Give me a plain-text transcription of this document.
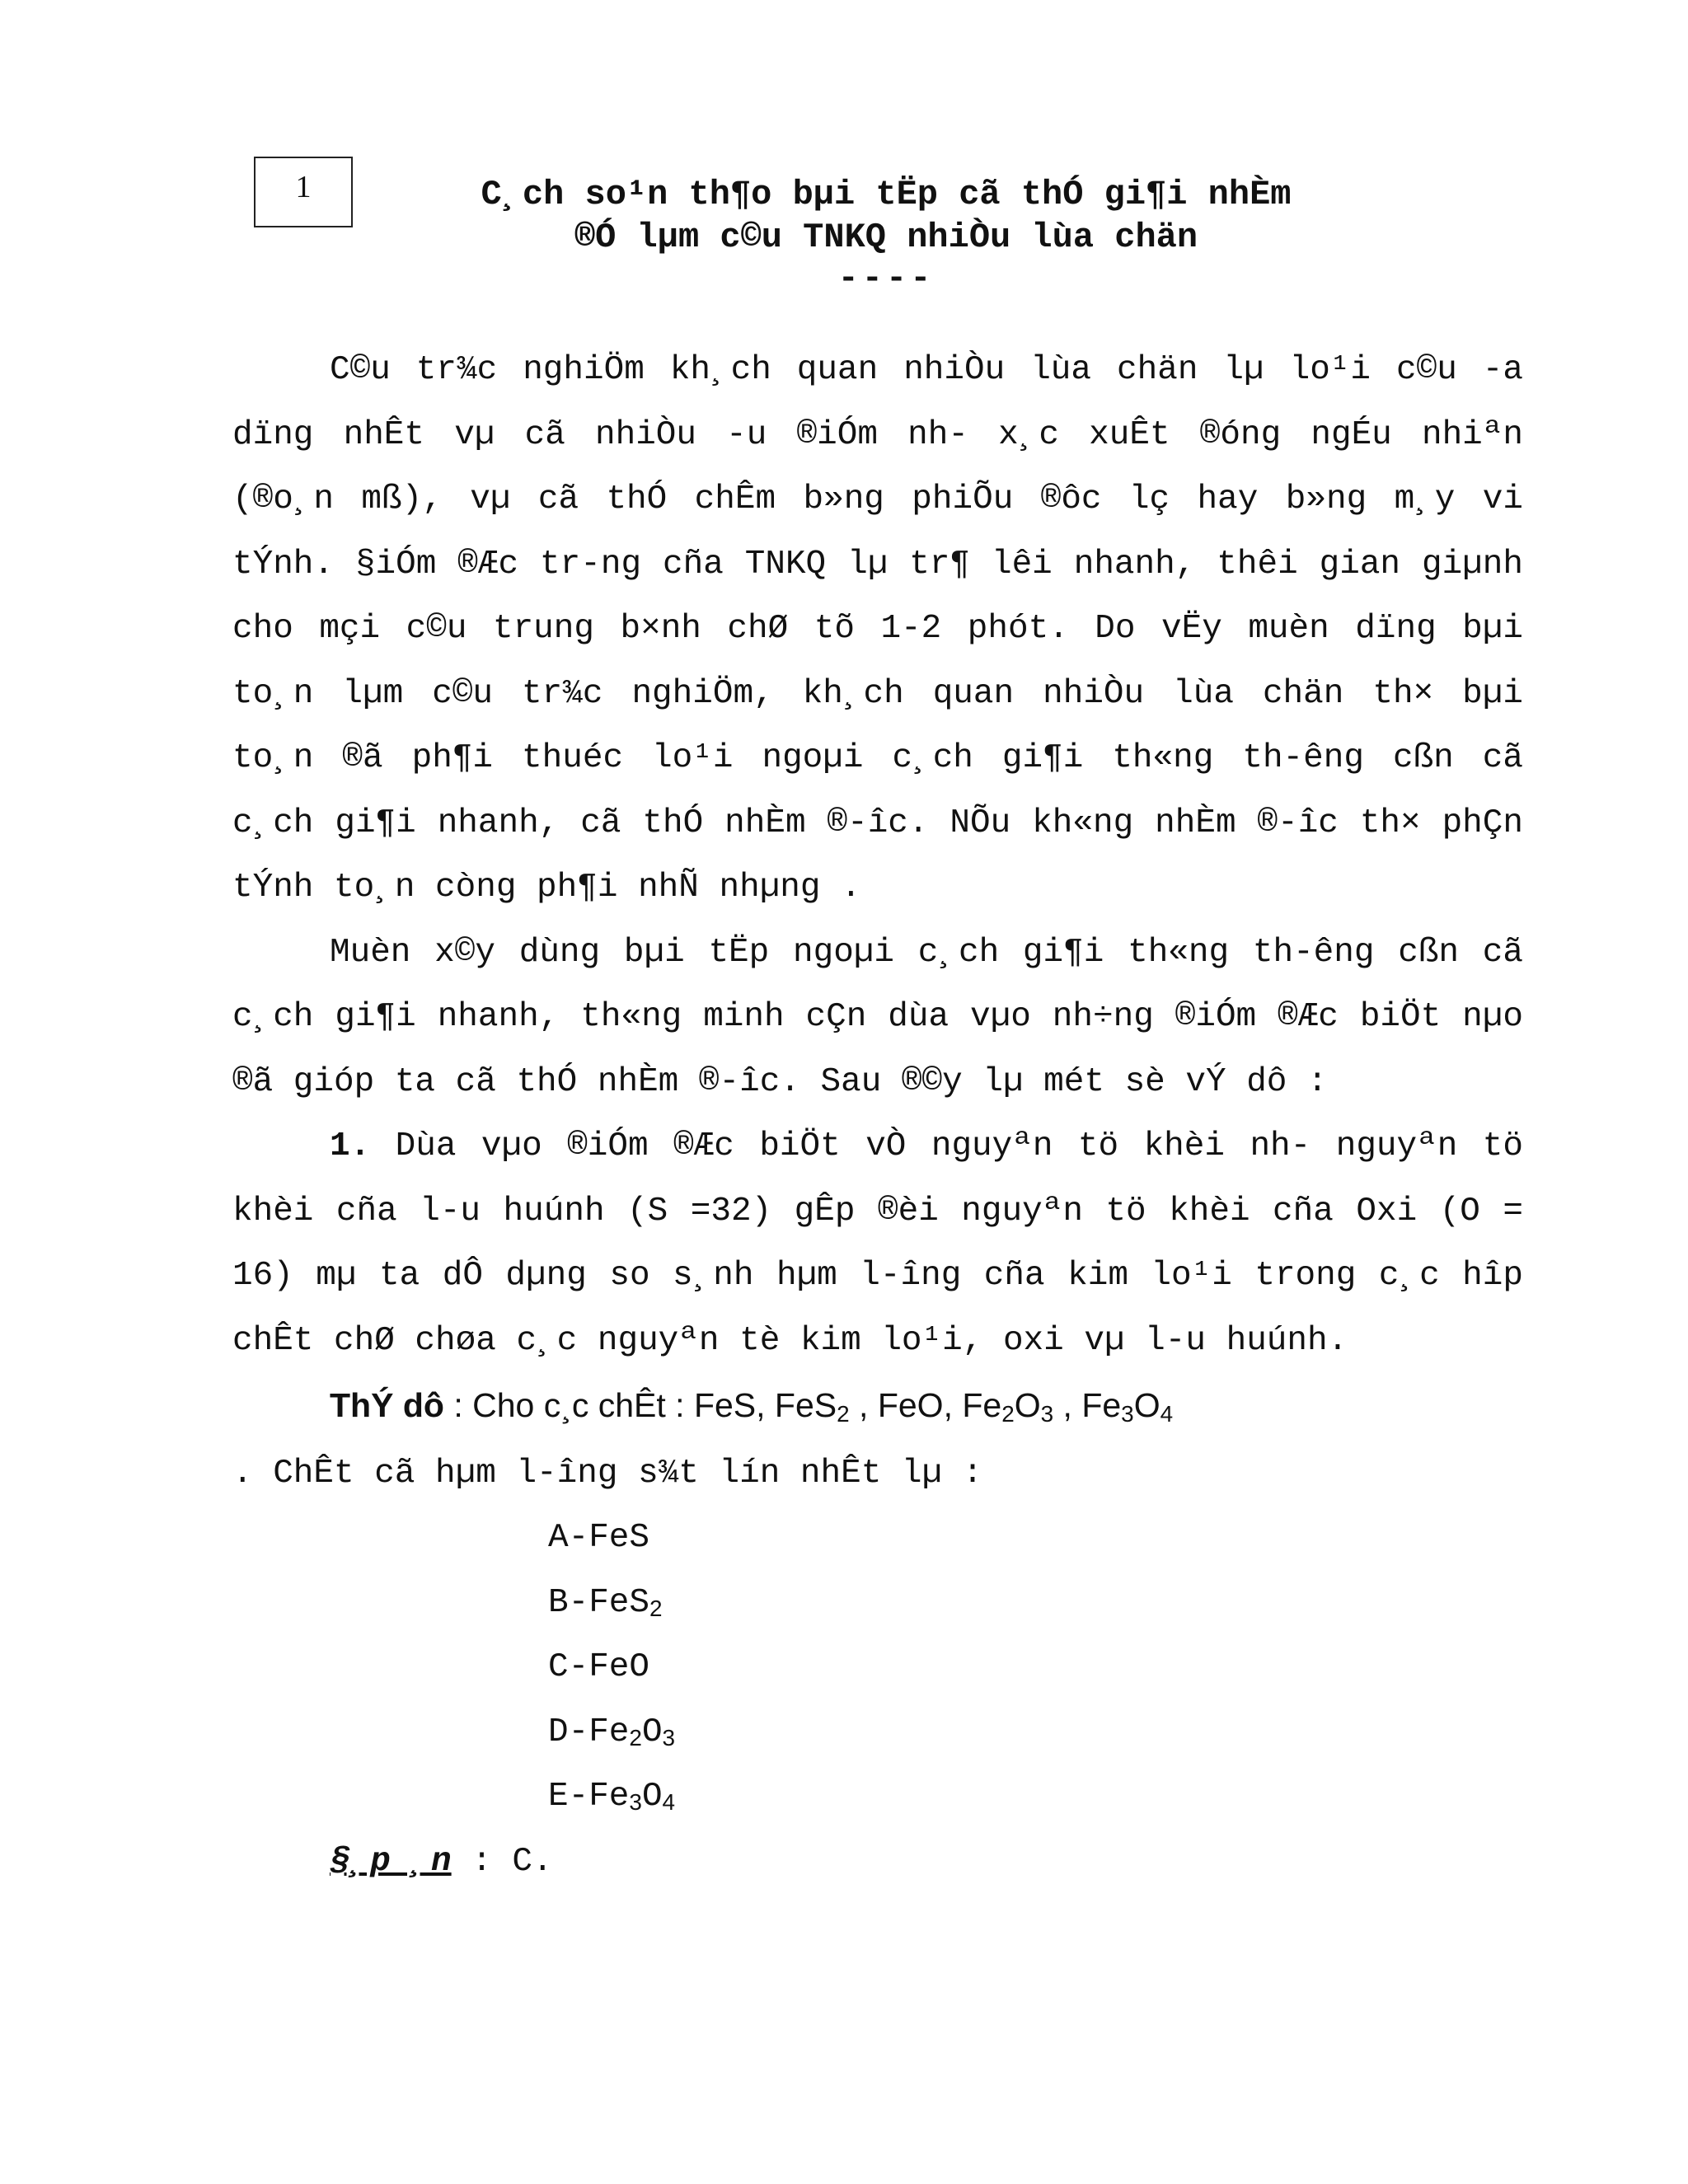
1	C¸ch so¹n th¶o bµi tËp cã thÓ gi¶i nhÈm
®Ó lµm c©u TNKQ nhiÒu lùa chän
----

C©u tr¾c nghiÖm kh¸ch quan nhiÒu lùa chän lµ lo¹i c©u -a dïng nhÊt vµ cã nhiÒu -u ®iÓm nh- x¸c xuÊt ®óng ngÉu nhiªn (®o¸n mß), vµ cã thÓ chÊm b»ng phiÕu ®ôc lç hay b»ng m¸y vi tÝnh. §iÓm ®Æc tr-ng cña TNKQ lµ tr¶ lêi nhanh, thêi gian giµnh cho mçi c©u trung b×nh chØ tõ 1-2 phót. Do vËy muèn dïng bµi to¸n lµm c©u tr¾c nghiÖm, kh¸ch quan nhiÒu lùa chän th× bµi to¸n ®ã ph¶i thuéc lo¹i ngoµi c¸ch gi¶i th«ng th-êng cßn cã c¸ch gi¶i nhanh, cã thÓ nhÈm ®-îc. NÕu kh«ng nhÈm ®-îc th× phÇn tÝnh to¸n còng ph¶i nhÑ nhµng .

Muèn x©y dùng bµi tËp ngoµi c¸ch gi¶i th«ng th-êng cßn cã c¸ch gi¶i nhanh, th«ng minh cÇn dùa vµo nh÷ng ®iÓm ®Æc biÖt nµo ®ã gióp ta cã thÓ nhÈm ®-îc. Sau ®©y lµ mét sè vÝ dô :

1. Dùa vµo ®iÓm ®Æc biÖt vÒ nguyªn tö khèi nh- nguyªn tö khèi cña l-u huúnh (S =32) gÊp ®èi nguyªn tö khèi cña Oxi (O = 16) mµ ta dÔ dµng so s¸nh hµm l-îng cña kim lo¹i trong c¸c hîp chÊt chØ chøa c¸c nguyªn tè kim lo¹i, oxi vµ l-u huúnh.

ThÝ dô : Cho c¸c chÊt : FeS, FeS$_2$ , FeO, $Fe_2O_3$ , $Fe_3O_4$

. ChÊt cã hµm l-îng s¾t lín nhÊt lµ :

A-FeS
B-FeS$_2$
C-FeO
$D-Fe_2O_3$
$E-Fe_3O_4$
§¸p ¸n : C.
